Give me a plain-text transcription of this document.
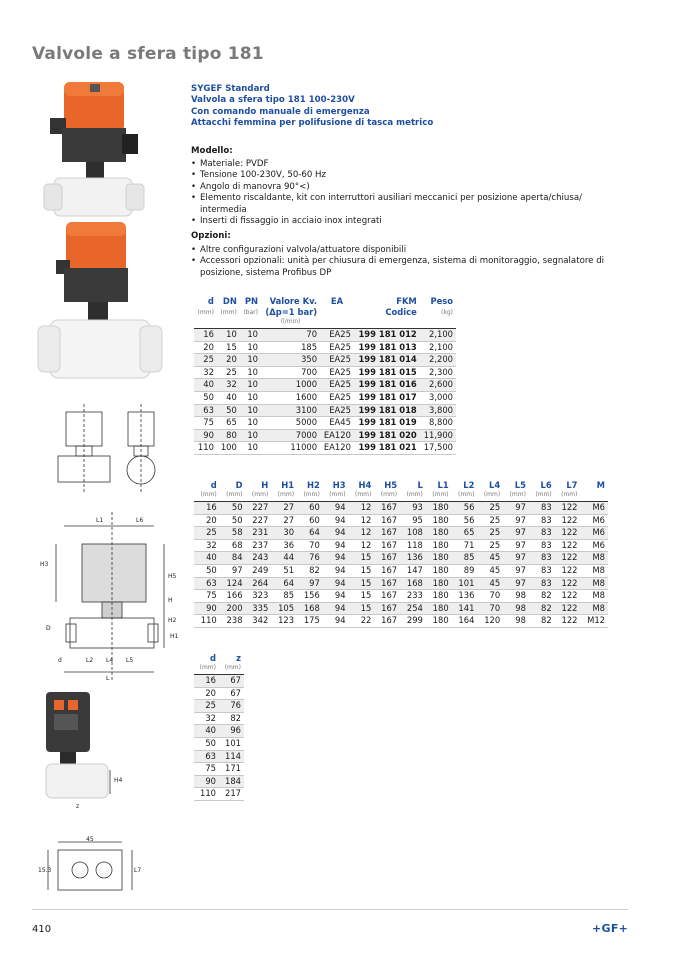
Valvole a sfera tipo 181
L1	L6
H3
H5
H
H2
D
d
H1
L2 L4 L5
L
H4
z
L7
45
15.3
SYGEF Standard
Valvola a sfera tipo 181 100-230V
Con comando manuale di emergenza
Attacchi femmina per polifusione di tasca metrico
Modello:
• Materiale: PVDF
• Tensione 100-230V, 50-60 Hz
• Angolo di manovra 90°<)
• Elemento riscaldante, kit con interruttori ausiliari meccanici per posizione aperta/chiusa/ intermedia
• Inserti di fissaggio in acciaio inox integrati
Opzioni:
• Altre configurazioni valvola/attuatore disponibili
• Accessori opzionali: unità per chiusura di emergenza, sistema di monitoraggio, segnalatore di posizione, sistema Profibus DP
d	DN	PN	Valore Kv.	EA	FKM	Peso
(mm)	(mm)	(bar)	(Δp=1 bar)		Codice	(kg)
			(l/min)			
16	10	10	70	EA25	199 181 012	2,100
20	15	10	185	EA25	199 181 013	2,100
25	20	10	350	EA25	199 181 014	2,200
32	25	10	700	EA25	199 181 015	2,300
40	32	10	1000	EA25	199 181 016	2,600
50	40	10	1600	EA25	199 181 017	3,000
63	50	10	3100	EA25	199 181 018	3,800
75	65	10	5000	EA45	199 181 019	8,800
90	80	10	7000	EA120	199 181 020	11,900
110	100	10	11000	EA120	199 181 021	17,500
d	D	H	H1	H2	H3	H4	H5	L	L1	L2	L4	L5	L6	L7	M
(mm)	(mm)	(mm)	(mm)	(mm)	(mm)	(mm)	(mm)	(mm)	(mm)	(mm)	(mm)	(mm)	(mm)	(mm)	
16	50	227	27	60	94	12	167	93	180	56	25	97	83	122	M6
20	50	227	27	60	94	12	167	95	180	56	25	97	83	122	M6
25	58	231	30	64	94	12	167	108	180	65	25	97	83	122	M6
32	68	237	36	70	94	12	167	118	180	71	25	97	83	122	M6
40	84	243	44	76	94	15	167	136	180	85	45	97	83	122	M8
50	97	249	51	82	94	15	167	147	180	89	45	97	83	122	M8
63	124	264	64	97	94	15	167	168	180	101	45	97	83	122	M8
75	166	323	85	156	94	15	167	233	180	136	70	98	82	122	M8
90	200	335	105	168	94	15	167	254	180	141	70	98	82	122	M8
110	238	342	123	175	94	22	167	299	180	164	120	98	82	122	M12
d	z
(mm)	(mm)
16	67
20	67
25	76
32	82
40	96
50	101
63	114
75	171
90	184
110	217
410	+GF+
